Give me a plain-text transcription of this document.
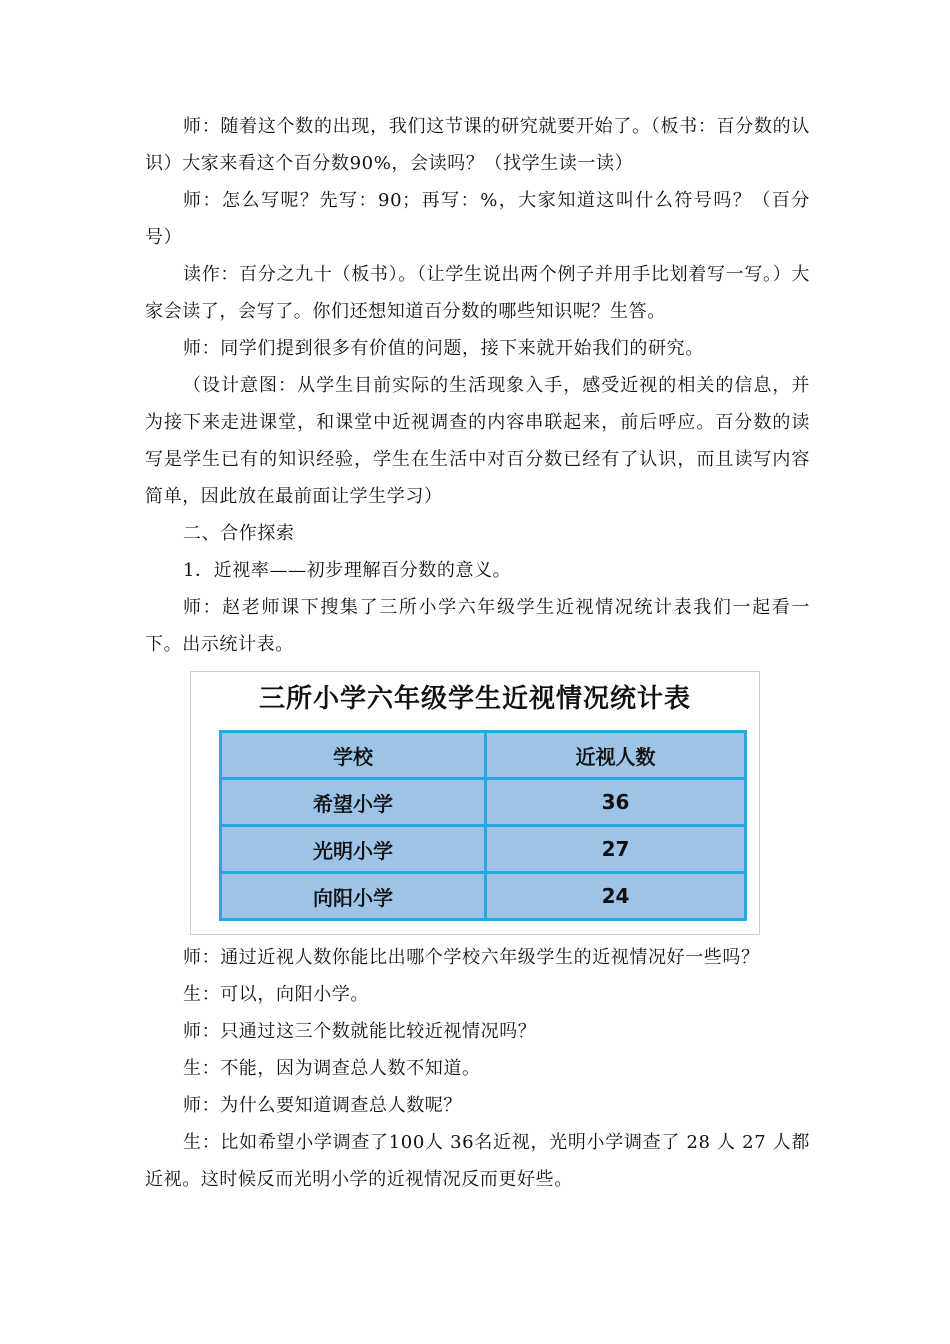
师：随着这个数的出现，我们这节课的研究就要开始了。（板书：百分数的认识）大家来看这个百分数90%，会读吗？（找学生读一读）

师：怎么写呢？先写：90；再写：%，大家知道这叫什么符号吗？（百分号）

读作：百分之九十（板书）。（让学生说出两个例子并用手比划着写一写。）大家会读了，会写了。你们还想知道百分数的哪些知识呢？生答。

师：同学们提到很多有价值的问题，接下来就开始我们的研究。

（设计意图：从学生目前实际的生活现象入手，感受近视的相关的信息，并为接下来走进课堂，和课堂中近视调查的内容串联起来，前后呼应。百分数的读写是学生已有的知识经验，学生在生活中对百分数已经有了认识，而且读写内容简单，因此放在最前面让学生学习）

二、合作探索

1．近视率——初步理解百分数的意义。

师：赵老师课下搜集了三所小学六年级学生近视情况统计表我们一起看一下。出示统计表。

三所小学六年级学生近视情况统计表
学校	近视人数
希望小学	36
光明小学	27
向阳小学	24

师：通过近视人数你能比出哪个学校六年级学生的近视情况好一些吗？

生：可以，向阳小学。

师：只通过这三个数就能比较近视情况吗？

生：不能，因为调查总人数不知道。

师：为什么要知道调查总人数呢？

生：比如希望小学调查了100人 36名近视，光明小学调查了 28 人 27 人都近视。这时候反而光明小学的近视情况反而更好些。
